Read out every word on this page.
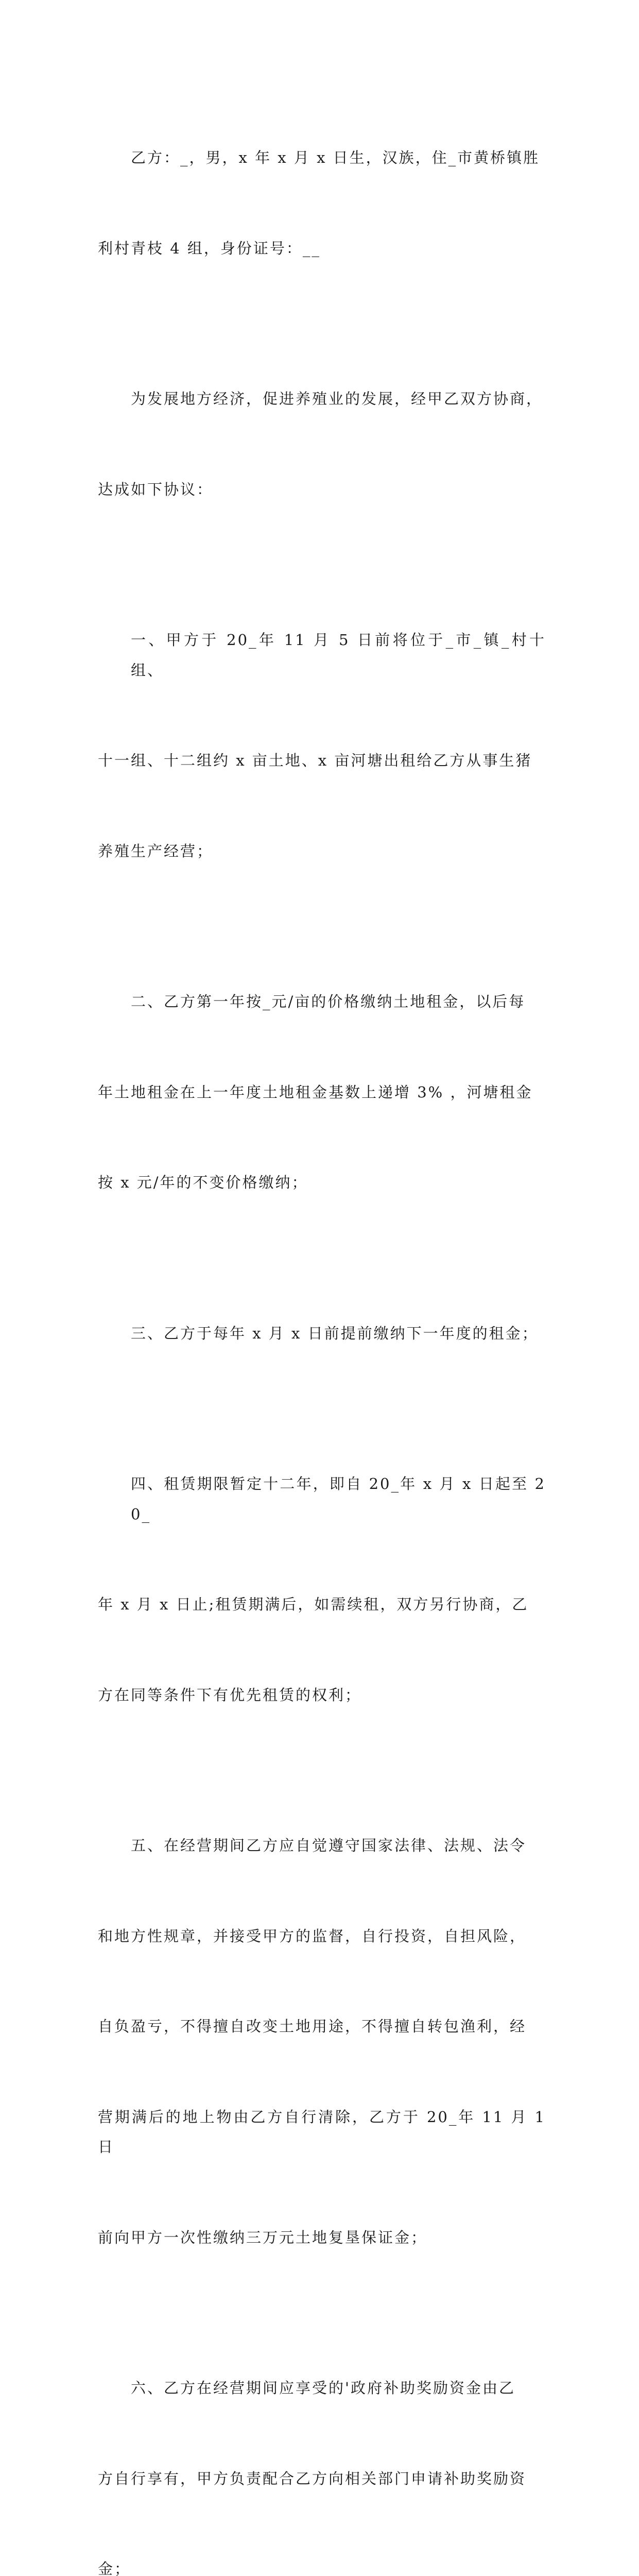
乙方：_，男，x 年 x 月 x 日生，汉族，住_市黄桥镇胜

利村青枝 4 组，身份证号：__

为发展地方经济，促进养殖业的发展，经甲乙双方协商，

达成如下协议：

一、甲方于 20_年 11 月 5 日前将位于_市_镇_村十组、

十一组、十二组约 x 亩土地、x 亩河塘出租给乙方从事生猪

养殖生产经营；

二、乙方第一年按_元/亩的价格缴纳土地租金，以后每

年土地租金在上一年度土地租金基数上递增 3% ，河塘租金

按 x 元/年的不变价格缴纳；

三、乙方于每年 x 月 x 日前提前缴纳下一年度的租金；

四、租赁期限暂定十二年，即自 20_年 x 月 x 日起至 20_

年 x 月 x 日止;租赁期满后，如需续租，双方另行协商，乙

方在同等条件下有优先租赁的权利；

五、在经营期间乙方应自觉遵守国家法律、法规、法令

和地方性规章，并接受甲方的监督，自行投资，自担风险，

自负盈亏，不得擅自改变土地用途，不得擅自转包渔利，经

营期满后的地上物由乙方自行清除，乙方于 20_年 11 月 1 日

前向甲方一次性缴纳三万元土地复垦保证金；

六、乙方在经营期间应享受的'政府补助奖励资金由乙

方自行享有，甲方负责配合乙方向相关部门申请补助奖励资

金；
